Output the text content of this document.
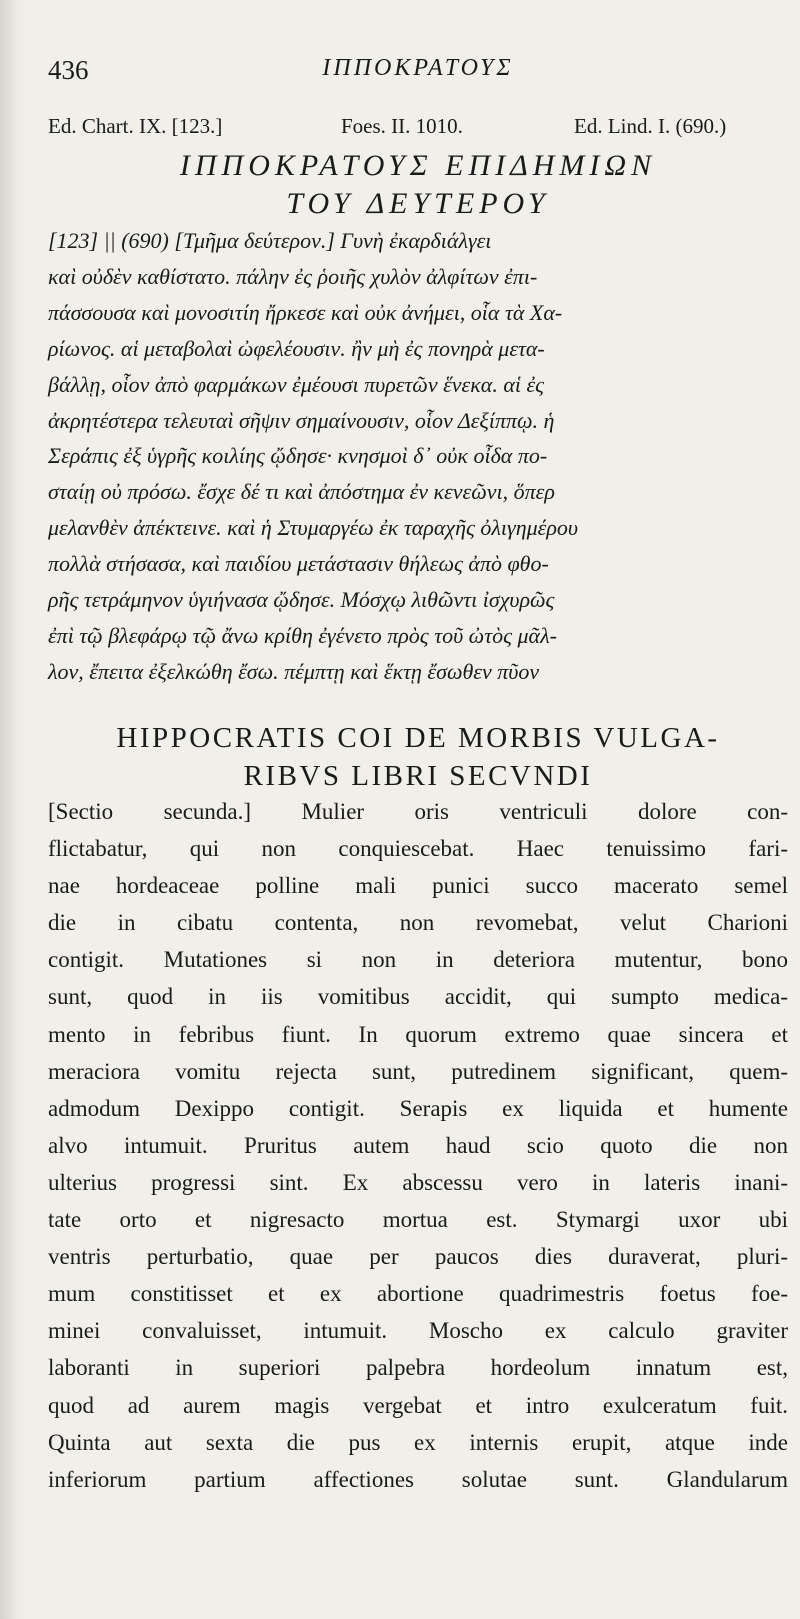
436	ΙΠΠΟΚΡΑΤΟΥΣ
Ed. Chart. IX. [123.]	Foes. II. 1010.	Ed. Lind. I. (690.)
ΙΠΠΟΚΡΑΤΟΥΣ ΕΠΙΔΗΜΙΩΝ
ΤΟΥ ΔΕΥΤΕΡΟΥ
[123] || (690) [Τμῆμα δεύτερον.] Γυνὴ ἐκαρδιάλγει
καὶ οὐδὲν καθίστατο. πάλην ἐς ῥοιῆς χυλὸν ἀλφίτων ἐπι-
πάσσουσα καὶ μονοσιτίη ἤρκεσε καὶ οὐκ ἀνήμει, οἷα τὰ Χα-
ρίωνος. αἱ μεταβολαὶ ὠφελέουσιν. ἢν μὴ ἐς πονηρὰ μετα-
βάλλῃ, οἷον ἀπὸ φαρμάκων ἐμέουσι πυρετῶν ἕνεκα. αἱ ἐς
ἀκρητέστερα τελευταὶ σῆψιν σημαίνουσιν, οἷον Δεξίππῳ. ἡ
Σεράπις ἐξ ὑγρῆς κοιλίης ᾤδησε· κνησμοὶ δ᾽ οὐκ οἶδα πο-
σταίῃ οὐ πρόσω. ἔσχε δέ τι καὶ ἀπόστημα ἐν κενεῶνι, ὅπερ
μελανθὲν ἀπέκτεινε. καὶ ἡ Στυμαργέω ἐκ ταραχῆς ὀλιγημέρου
πολλὰ στήσασα, καὶ παιδίου μετάστασιν θήλεως ἀπὸ φθο-
ρῆς τετράμηνον ὑγιήνασα ᾤδησε. Μόσχῳ λιθῶντι ἰσχυρῶς
ἐπὶ τῷ βλεφάρῳ τῷ ἄνω κρίθη ἐγένετο πρὸς τοῦ ὠτὸς μᾶλ-
λον, ἔπειτα ἐξελκώθη ἔσω. πέμπτῃ καὶ ἕκτῃ ἔσωθεν πῦον
HIPPOCRATIS COI DE MORBIS VULGA-
RIBVS LIBRI SECVNDI
[Sectio secunda.] Mulier oris ventriculi dolore con-
flictabatur, qui non conquiescebat. Haec tenuissimo fari-
nae hordeaceae polline mali punici succo macerato semel
die in cibatu contenta, non revomebat, velut Charioni
contigit. Mutationes si non in deteriora mutentur, bono
sunt, quod in iis vomitibus accidit, qui sumpto medica-
mento in febribus fiunt. In quorum extremo quae sincera et
meraciora vomitu rejecta sunt, putredinem significant, quem-
admodum Dexippo contigit. Serapis ex liquida et humente
alvo intumuit. Pruritus autem haud scio quoto die non
ulterius progressi sint. Ex abscessu vero in lateris inani-
tate orto et nigresacto mortua est. Stymargi uxor ubi
ventris perturbatio, quae per paucos dies duraverat, pluri-
mum constitisset et ex abortione quadrimestris foetus foe-
minei convaluisset, intumuit. Moscho ex calculo graviter
laboranti in superiori palpebra hordeolum innatum est,
quod ad aurem magis vergebat et intro exulceratum fuit.
Quinta aut sexta die pus ex internis erupit, atque inde
inferiorum partium affectiones solutae sunt. Glandularum
